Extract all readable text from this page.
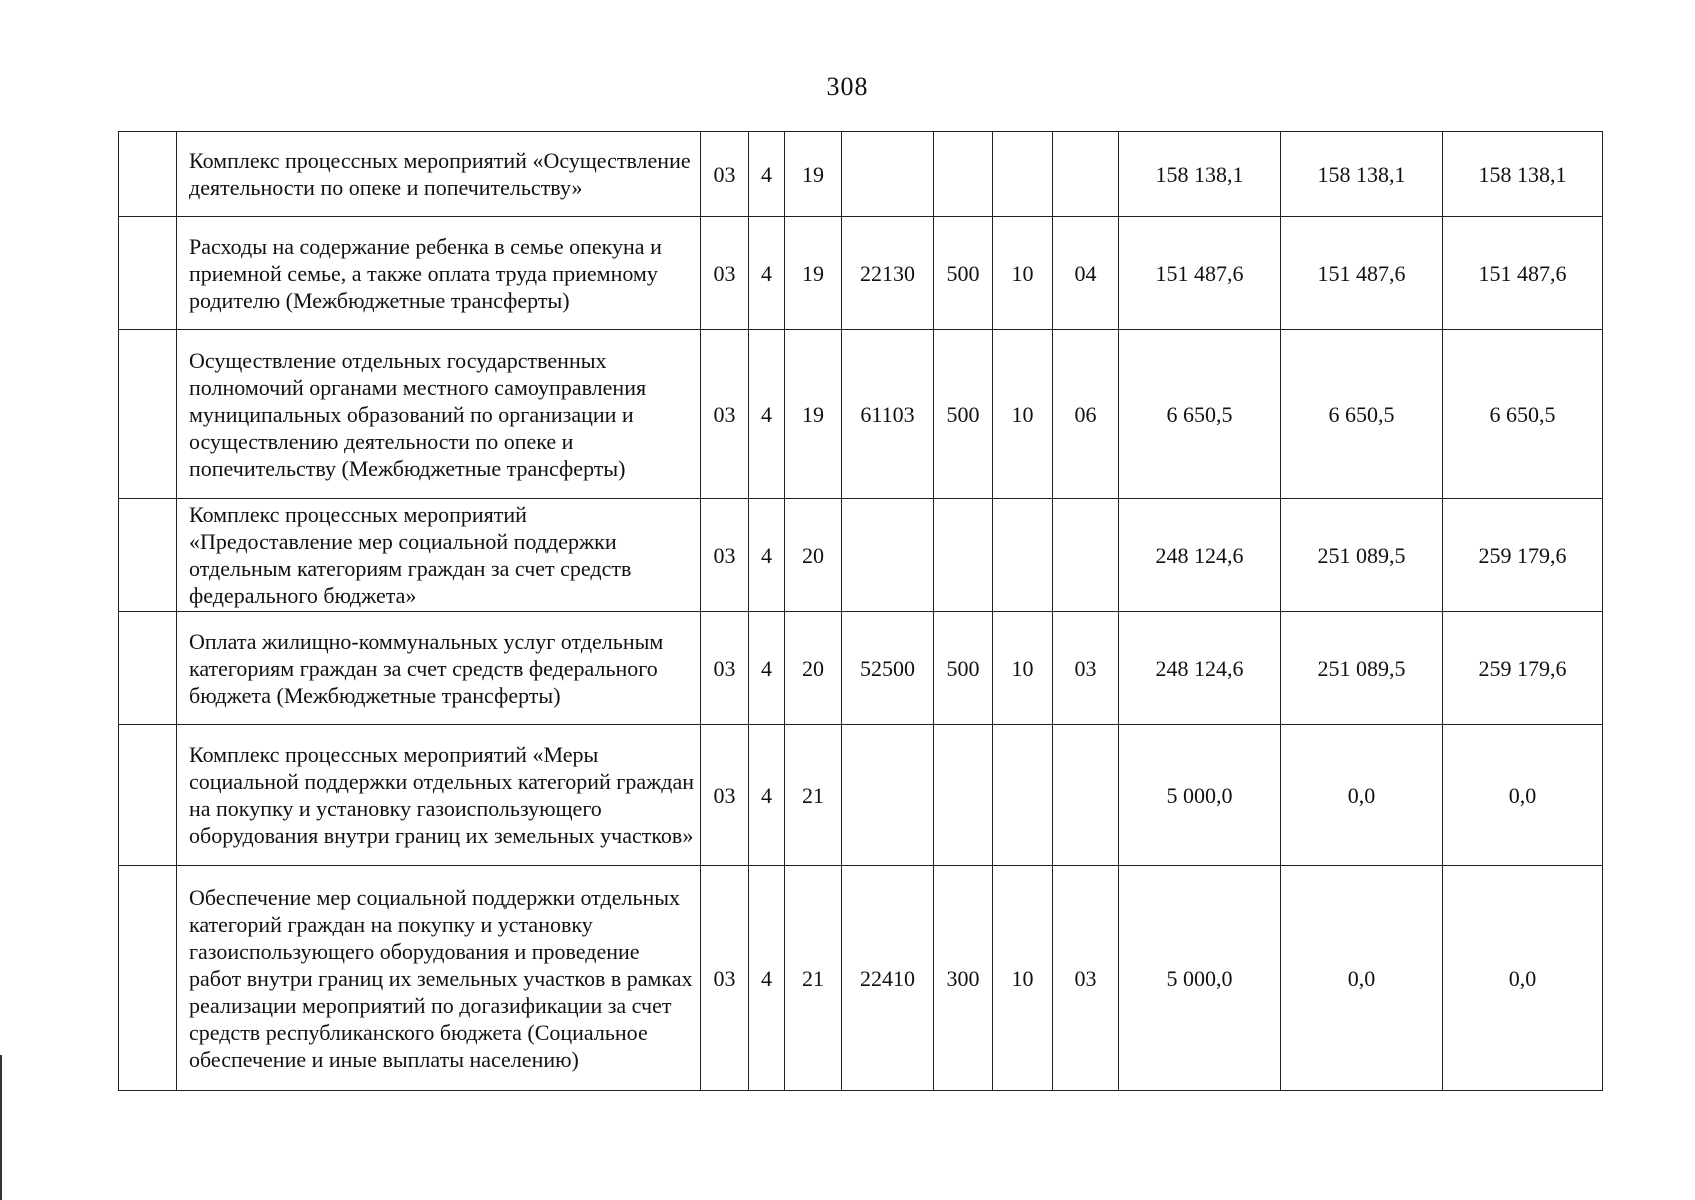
308
	Комплекс процессных мероприятий «Осуществление деятельности по опеке и попечительству»	03	4	19					158 138,1	158 138,1	158 138,1
	Расходы на содержание ребенка в семье опекуна и приемной семье, а также оплата труда приемному родителю (Межбюджетные трансферты)	03	4	19	22130	500	10	04	151 487,6	151 487,6	151 487,6
	Осуществление отдельных государственных полномочий органами местного самоуправления муниципальных образований по организации и осуществлению деятельности по опеке и попечительству (Межбюджетные трансферты)	03	4	19	61103	500	10	06	6 650,5	6 650,5	6 650,5
	Комплекс процессных мероприятий «Предоставление мер социальной поддержки отдельным категориям граждан за счет средств федерального бюджета»	03	4	20					248 124,6	251 089,5	259 179,6
	Оплата жилищно-коммунальных услуг отдельным категориям граждан за счет средств федерального бюджета (Межбюджетные трансферты)	03	4	20	52500	500	10	03	248 124,6	251 089,5	259 179,6
	Комплекс процессных мероприятий «Меры социальной поддержки отдельных категорий граждан на покупку и установку газоиспользующего оборудования внутри границ их земельных участков»	03	4	21					5 000,0	0,0	0,0
	Обеспечение мер социальной поддержки отдельных категорий граждан на покупку и установку газоиспользующего оборудования и проведение работ внутри границ их земельных участков в рамках реализации мероприятий по догазификации за счет средств республиканского бюджета (Социальное обеспечение и иные выплаты населению)	03	4	21	22410	300	10	03	5 000,0	0,0	0,0
